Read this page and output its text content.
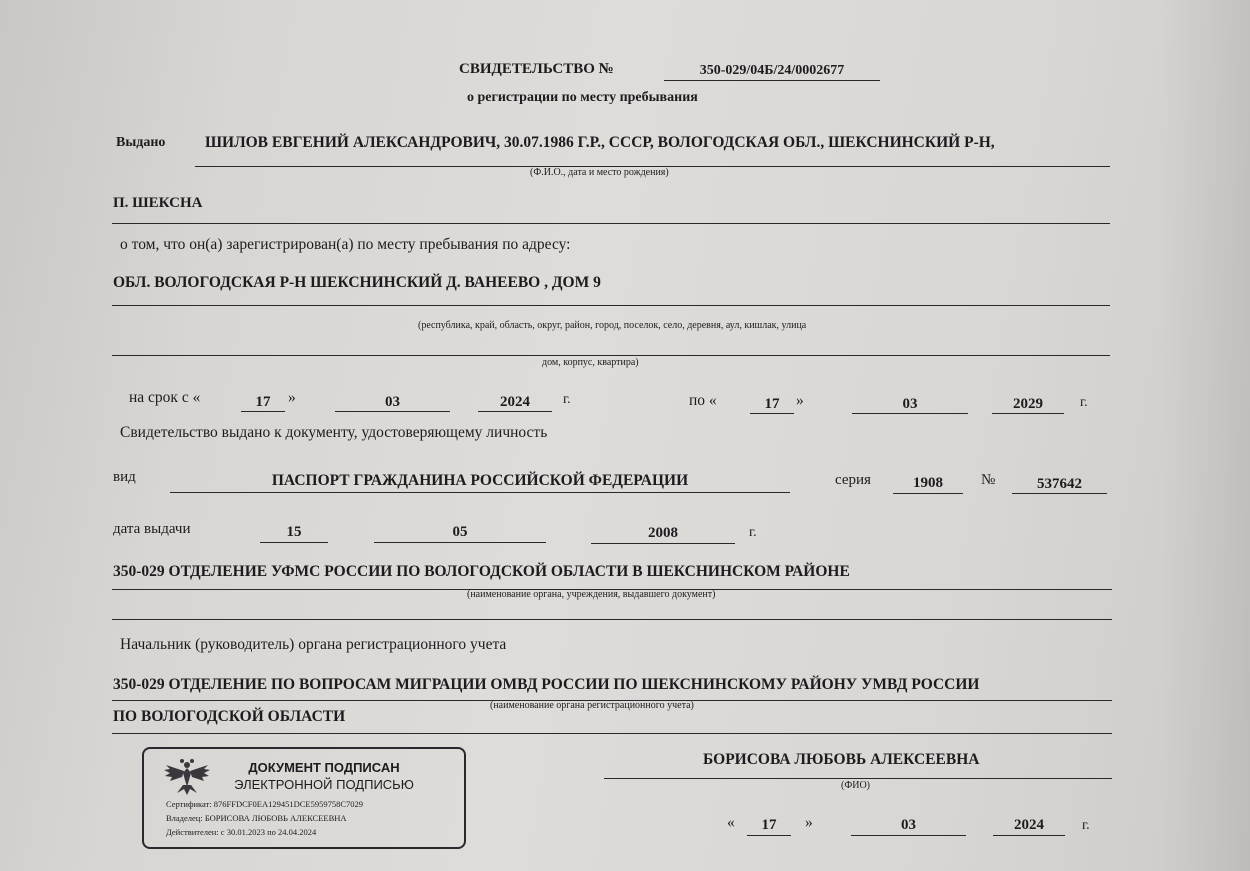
СВИДЕТЕЛЬСТВО №	350-029/04Б/24/0002677
о регистрации по месту пребывания
Выдано	ШИЛОВ ЕВГЕНИЙ АЛЕКСАНДРОВИЧ, 30.07.1986 Г.Р., СССР, ВОЛОГОДСКАЯ ОБЛ., ШЕКСНИНСКИЙ Р-Н,
(Ф.И.О., дата и место рождения)
П. ШЕКСНА
о том, что он(а) зарегистрирован(а) по месту пребывания по адресу:
ОБЛ. ВОЛОГОДСКАЯ Р-Н ШЕКСНИНСКИЙ Д. ВАНЕЕВО , ДОМ 9
(республика, край, область, округ, район, город, поселок, село, деревня, аул, кишлак, улица
дом, корпус, квартира)
на срок с «	17	»	03	2024	г.	по «	17	»	03	2029	г.
Свидетельство выдано к документу, удостоверяющему личность
вид	ПАСПОРТ ГРАЖДАНИНА РОССИЙСКОЙ ФЕДЕРАЦИИ	серия	1908	№	537642
дата выдачи	15	05	2008	г.
350-029 ОТДЕЛЕНИЕ УФМС РОССИИ ПО ВОЛОГОДСКОЙ ОБЛАСТИ В ШЕКСНИНСКОМ РАЙОНЕ
(наименование органа, учреждения, выдавшего документ)
Начальник (руководитель) органа регистрационного учета
350-029 ОТДЕЛЕНИЕ ПО ВОПРОСАМ МИГРАЦИИ ОМВД РОССИИ ПО ШЕКСНИНСКОМУ РАЙОНУ УМВД РОССИИ
(наименование органа регистрационного учета)
ПО ВОЛОГОДСКОЙ ОБЛАСТИ
ДОКУМЕНТ ПОДПИСАН
ЭЛЕКТРОННОЙ ПОДПИСЬЮ
Сертификат: 876FFDCF0EA129451DCE5959758C7029
Владелец: БОРИСОВА ЛЮБОВЬ АЛЕКСЕЕВНА
Действителен: с 30.01.2023 по 24.04.2024
БОРИСОВА ЛЮБОВЬ АЛЕКСЕЕВНА
(ФИО)
«	17	»	03	2024	г.
